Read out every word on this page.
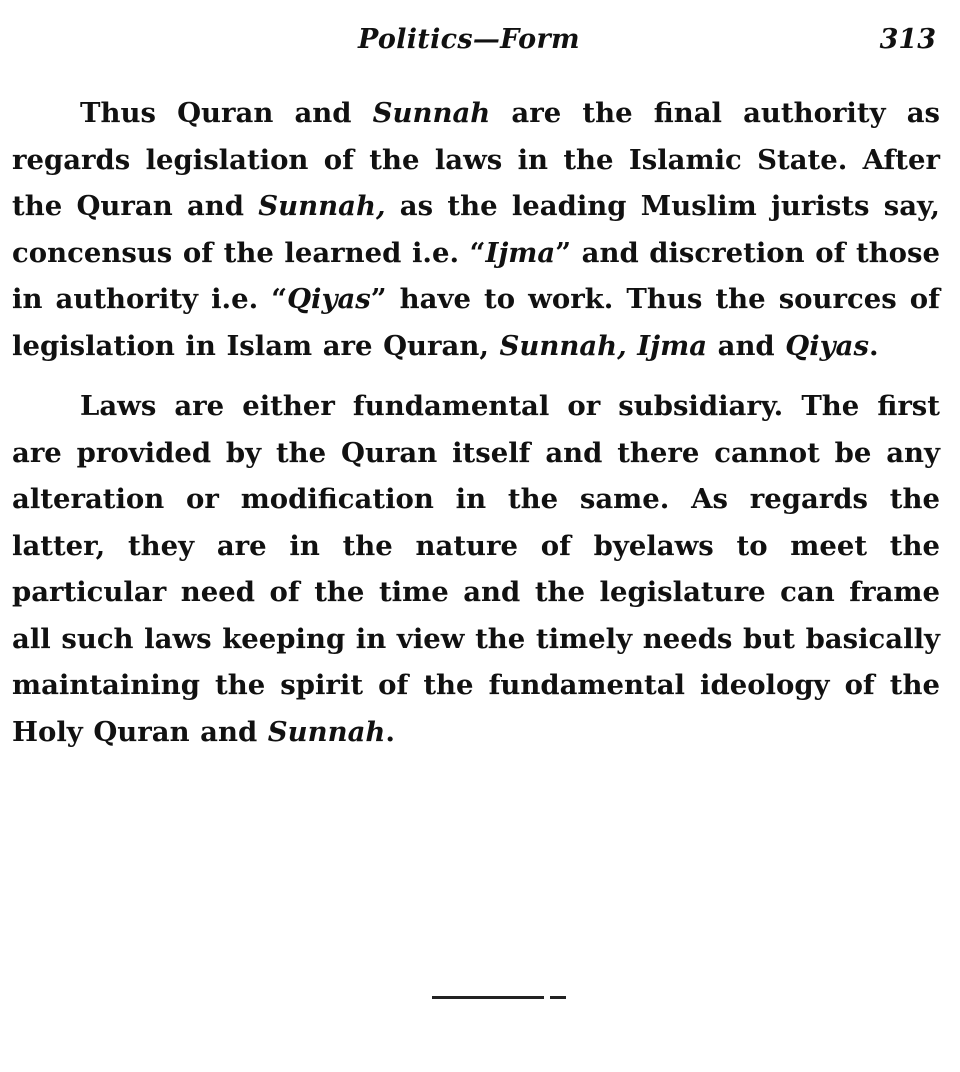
Politics—Form	313

Thus Quran and Sunnah are the final authority as regards legislation of the laws in the Islamic State. After the Quran and Sunnah, as the leading Muslim jurists say, concensus of the learned i.e. “Ijma” and discretion of those in authority i.e. “Qiyas” have to work. Thus the sources of legislation in Islam are Quran, Sunnah, Ijma and Qiyas.

Laws are either fundamental or subsidiary. The first are provided by the Quran itself and there cannot be any alteration or modification in the same. As regards the latter, they are in the nature of byelaws to meet the particular need of the time and the legislature can frame all such laws keeping in view the timely needs but basically maintaining the spirit of the fundamental ideology of the Holy Quran and Sunnah.
